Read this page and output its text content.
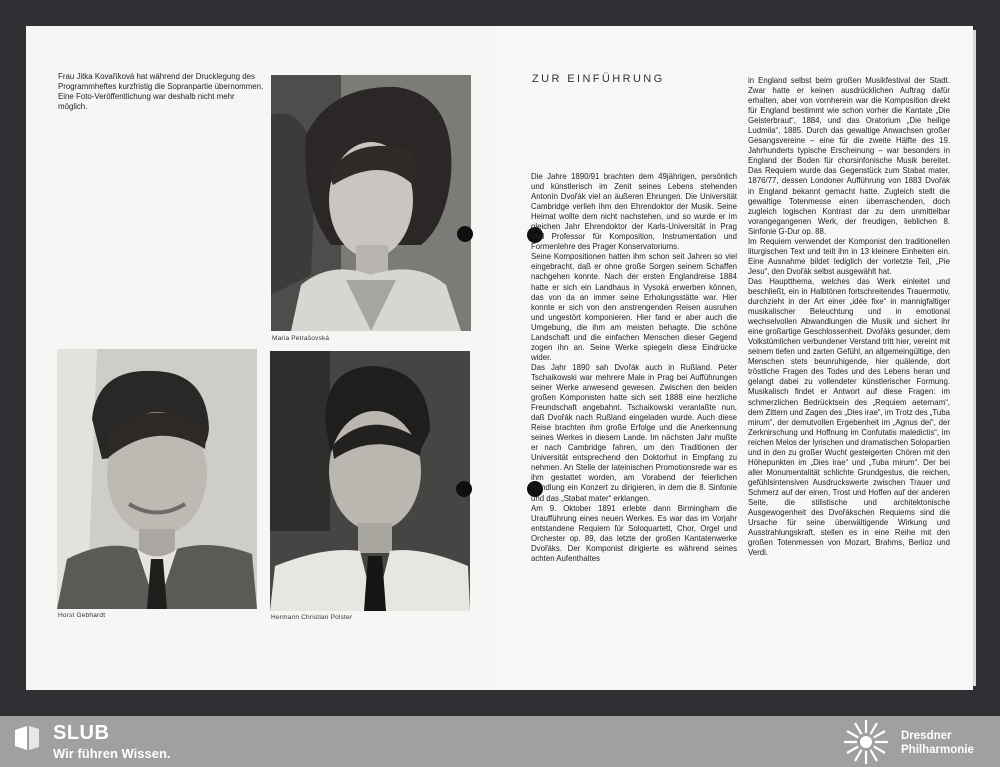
Frau Jitka Kovaříková hat während der Drucklegung des Programmheftes kurzfristig die Sopranpartie übernommen. Eine Foto-Veröffentlichung war deshalb nicht mehr möglich.

Maria Petrašovská
Horst Gebhardt	Hermann Christian Polster
ZUR EINFÜHRUNG

Die Jahre 1890/91 brachten dem 49jährigen, persönlich und künstlerisch im Zenit seines Lebens stehenden Antonín Dvořák viel an äußeren Ehrungen. Die Universität Cambridge verlieh ihm den Ehrendoktor der Musik. Seine Heimat wollte dem nicht nachstehen, und so wurde er im gleichen Jahr Ehrendoktor der Karls-Universität in Prag und Professor für Komposition, Instrumentation und Formenlehre des Prager Konservatoriums.

Seine Kompositionen hatten ihm schon seit Jahren so viel eingebracht, daß er ohne große Sorgen seinem Schaffen nachgehen konnte. Nach der ersten Englandreise 1884 hatte er sich ein Landhaus in Vysoká erwerben können, das von da an immer seine Erholungsstätte war. Hier konnte er sich von den anstrengenden Reisen ausruhen und ungestört komponieren. Hier fand er aber auch die Umgebung, die ihm am meisten behagte. Die schöne Landschaft und die einfachen Menschen dieser Gegend zogen ihn an. Seine Werke spiegeln diese Eindrücke wider.

Das Jahr 1890 sah Dvořák auch in Rußland. Peter Tschaikowski war mehrere Male in Prag bei Aufführungen seiner Werke anwesend gewesen. Zwischen den beiden großen Komponisten hatte sich seit 1888 eine herzliche Freundschaft angebahnt. Tschaikowski veranlaßte nun, daß Dvořák nach Rußland eingeladen wurde. Auch diese Reise brachten ihm große Erfolge und die Anerkennung seines Werkes in diesem Lande. Im nächsten Jahr mußte er nach Cambridge fahren, um den Traditionen der Universität entsprechend den Doktorhut in Empfang zu nehmen. An Stelle der lateinischen Promotionsrede war es ihm gestattet worden, am Vorabend der feierlichen Handlung ein Konzert zu dirigieren, in dem die 8. Sinfonie und das „Stabat mater“ erklangen.

Am 9. Oktober 1891 erlebte dann Birmingham die Uraufführung eines neuen Werkes. Es war das im Vorjahr entstandene Requiem für Soloquartett, Chor, Orgel und Orchester op. 89, das letzte der großen Kantatenwerke Dvořáks. Der Komponist dirigierte es während seines achten Aufenthaltes

in England selbst beim großen Musikfestival der Stadt. Zwar hatte er keinen ausdrücklichen Auftrag dafür erhalten, aber von vornherein war die Komposition direkt für England bestimmt wie schon vorher die Kantate „Die Geisterbraut“, 1884, und das Oratorium „Die heilige Ludmila“, 1885. Durch das gewaltige Anwachsen großer Gesangsvereine – eine für die zweite Hälfte des 19. Jahrhunderts typische Erscheinung – war besonders in England der Boden für chorsinfonische Musik bereitet. Das Requiem wurde das Gegenstück zum Stabat mater, 1876/77, dessen Londoner Aufführung von 1883 Dvořák in England bekannt gemacht hatte. Zugleich stellt die gewaltige Totenmesse einen überraschenden, doch zugleich logischen Kontrast dar zu dem unmittelbar vorangegangenen Werk, der freudigen, lieblichen 8. Sinfonie G-Dur op. 88.

Im Requiem verwendet der Komponist den traditionellen liturgischen Text und teilt ihn in 13 kleinere Einheiten ein. Eine Ausnahme bildet lediglich der vorletzte Teil, „Pie Jesu“, den Dvořák selbst ausgewählt hat.

Das Hauptthema, welches das Werk einleitet und beschließt, ein in Halbtönen fortschreitendes Trauermotiv, durchzieht in der Art einer „idée fixe“ in mannigfaltiger musikalischer Beleuchtung und in emotional wechselvollen Abwandlungen die Musik und sichert ihr eine großartige Geschlossenheit. Dvořáks gesunder, dem Volkstümlichen verbundener Verstand tritt hier, vereint mit seinem tiefen und zarten Gefühl, an allgemeingültige, den Menschen stets beunruhigende, hier quälende, dort tröstliche Fragen des Todes und des Lebens heran und gelangt dabei zu vollendeter künstlerischer Formung. Musikalisch findet er Antwort auf diese Fragen: im schmerzlichen Bedrücktsein des „Requiem aeternam“, dem Zittern und Zagen des „Dies irae“, im Trotz des „Tuba mirum“, der demutvollen Ergebenheit im „Agnus dei“, der Zerknirschung und Hoffnung im Confutatis maledictis“, im reichen Melos der lyrischen und dramatischen Solopartien und in den zu großer Wucht gesteigerten Chören mit den Höhepunkten im „Dies irae“ und „Tuba mirum“. Der bei aller Monumentalität schlichte Grundgestus, die reichen, gefühlsintensiven Ausdruckswerte zwischen Trauer und Schmerz auf der einen, Trost und Hoffen auf der anderen Seite, die stilistische und architektonische Ausgewogenheit des Dvořákschen Requiems sind die Ursache für seine überwältigende Wirkung und Ausstrahlungskraft, stellen es in eine Reihe mit den großen Totenmessen von Mozart, Brahms, Berlioz und Verdi.

SLUB
Wir führen Wissen.
Dresdner
Philharmonie
